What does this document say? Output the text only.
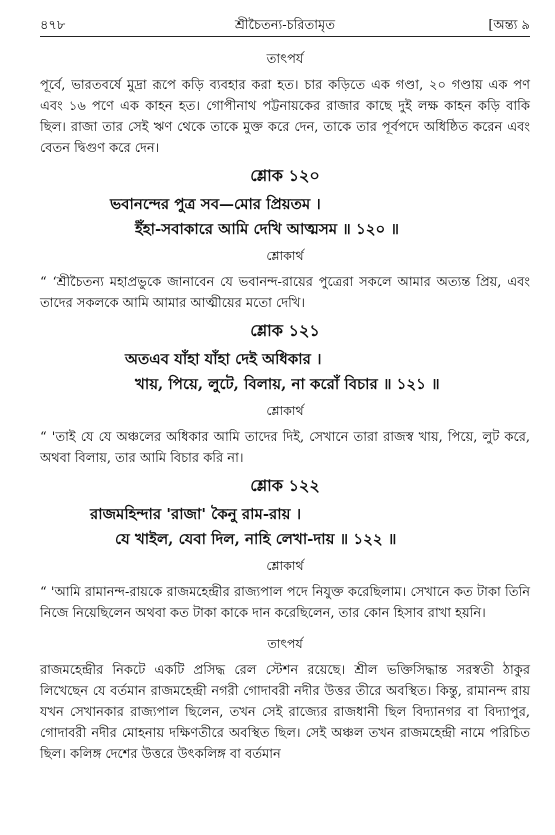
৪৭৮	শ্রীচৈতন্য-চরিতামৃত	[অন্ত্য ৯
তাৎপর্য

পূর্বে, ভারতবর্ষে মুদ্রা রূপে কড়ি ব্যবহার করা হত। চার কড়িতে এক গণ্ডা, ২০ গণ্ডায় এক পণ এবং ১৬ পণে এক কাহন হত। গোপীনাথ পট্টনায়কের রাজার কাছে দুই লক্ষ কাহন কড়ি বাকি ছিল। রাজা তার সেই ঋণ থেকে তাকে মুক্ত করে দেন, তাকে তার পূর্বপদে অধিষ্ঠিত করেন এবং বেতন দ্বিগুণ করে দেন।

শ্লোক ১২০

ভবানন্দের পুত্র সব—মোর প্রিয়তম ।

ইঁহা-সবাকারে আমি দেখি আত্মসম ॥ ১২০ ॥

শ্লোকার্থ

“ ‘শ্রীচৈতন্য মহাপ্রভুকে জানাবেন যে ভবানন্দ-রায়ের পুত্রেরা সকলে আমার অত্যন্ত প্রিয়, এবং তাদের সকলকে আমি আমার আত্মীয়ের মতো দেখি।

শ্লোক ১২১

অতএব যাঁহা যাঁহা দেই অধিকার ।

খায়, পিয়ে, লুটে, বিলায়, না করোঁ বিচার ॥ ১২১ ॥

শ্লোকার্থ

“ 'তাই যে যে অঞ্চলের অধিকার আমি তাদের দিই, সেখানে তারা রাজস্ব খায়, পিয়ে, লুট করে, অথবা বিলায়, তার আমি বিচার করি না।

শ্লোক ১২২

রাজমহিন্দার 'রাজা' কৈনু রাম-রায় ।

যে খাইল, যেবা দিল, নাহি লেখা-দায় ॥ ১২২ ॥

শ্লোকার্থ

“ 'আমি রামানন্দ-রায়কে রাজমহেন্দ্রীর রাজ্যপাল পদে নিযুক্ত করেছিলাম। সেখানে কত টাকা তিনি নিজে নিয়েছিলেন অথবা কত টাকা কাকে দান করেছিলেন, তার কোন হিসাব রাখা হয়নি।

তাৎপর্য

রাজমহেন্দ্রীর নিকটে একটি প্রসিদ্ধ রেল স্টেশন রয়েছে। শ্রীল ভক্তিসিদ্ধান্ত সরস্বতী ঠাকুর লিখেছেন যে বর্তমান রাজমহেন্দ্রী নগরী গোদাবরী নদীর উত্তর তীরে অবস্থিত। কিন্তু, রামানন্দ রায় যখন সেখানকার রাজ্যপাল ছিলেন, তখন সেই রাজ্যের রাজধানী ছিল বিদ্যানগর বা বিদ্যাপুর, গোদাবরী নদীর মোহনায় দক্ষিণতীরে অবস্থিত ছিল। সেই অঞ্চল তখন রাজমহেন্দ্রী নামে পরিচিত ছিল। কলিঙ্গ দেশের উত্তরে উৎকলিঙ্গ বা বর্তমান
